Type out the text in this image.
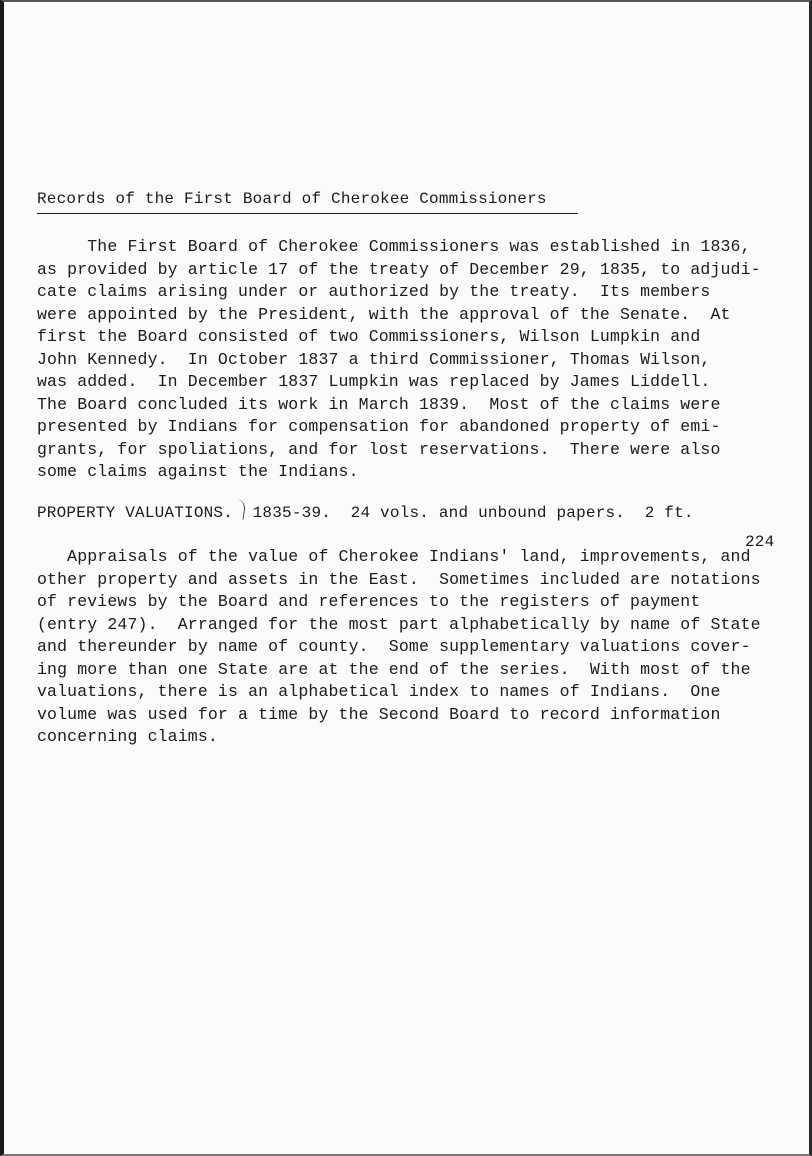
Records of the First Board of Cherokee Commissioners
The First Board of Cherokee Commissioners was established in 1836,
as provided by article 17 of the treaty of December 29, 1835, to adjudi-
cate claims arising under or authorized by the treaty.  Its members
were appointed by the President, with the approval of the Senate.  At
first the Board consisted of two Commissioners, Wilson Lumpkin and
John Kennedy.  In October 1837 a third Commissioner, Thomas Wilson,
was added.  In December 1837 Lumpkin was replaced by James Liddell.
The Board concluded its work in March 1839.  Most of the claims were
presented by Indians for compensation for abandoned property of emi-
grants, for spoliations, and for lost reservations.  There were also
some claims against the Indians.
PROPERTY VALUATIONS.  1835-39.  24 vols. and unbound papers.  2 ft.
224
Appraisals of the value of Cherokee Indians' land, improvements, and
other property and assets in the East.  Sometimes included are notations
of reviews by the Board and references to the registers of payment
(entry 247).  Arranged for the most part alphabetically by name of State
and thereunder by name of county.  Some supplementary valuations cover-
ing more than one State are at the end of the series.  With most of the
valuations, there is an alphabetical index to names of Indians.  One
volume was used for a time by the Second Board to record information
concerning claims.
